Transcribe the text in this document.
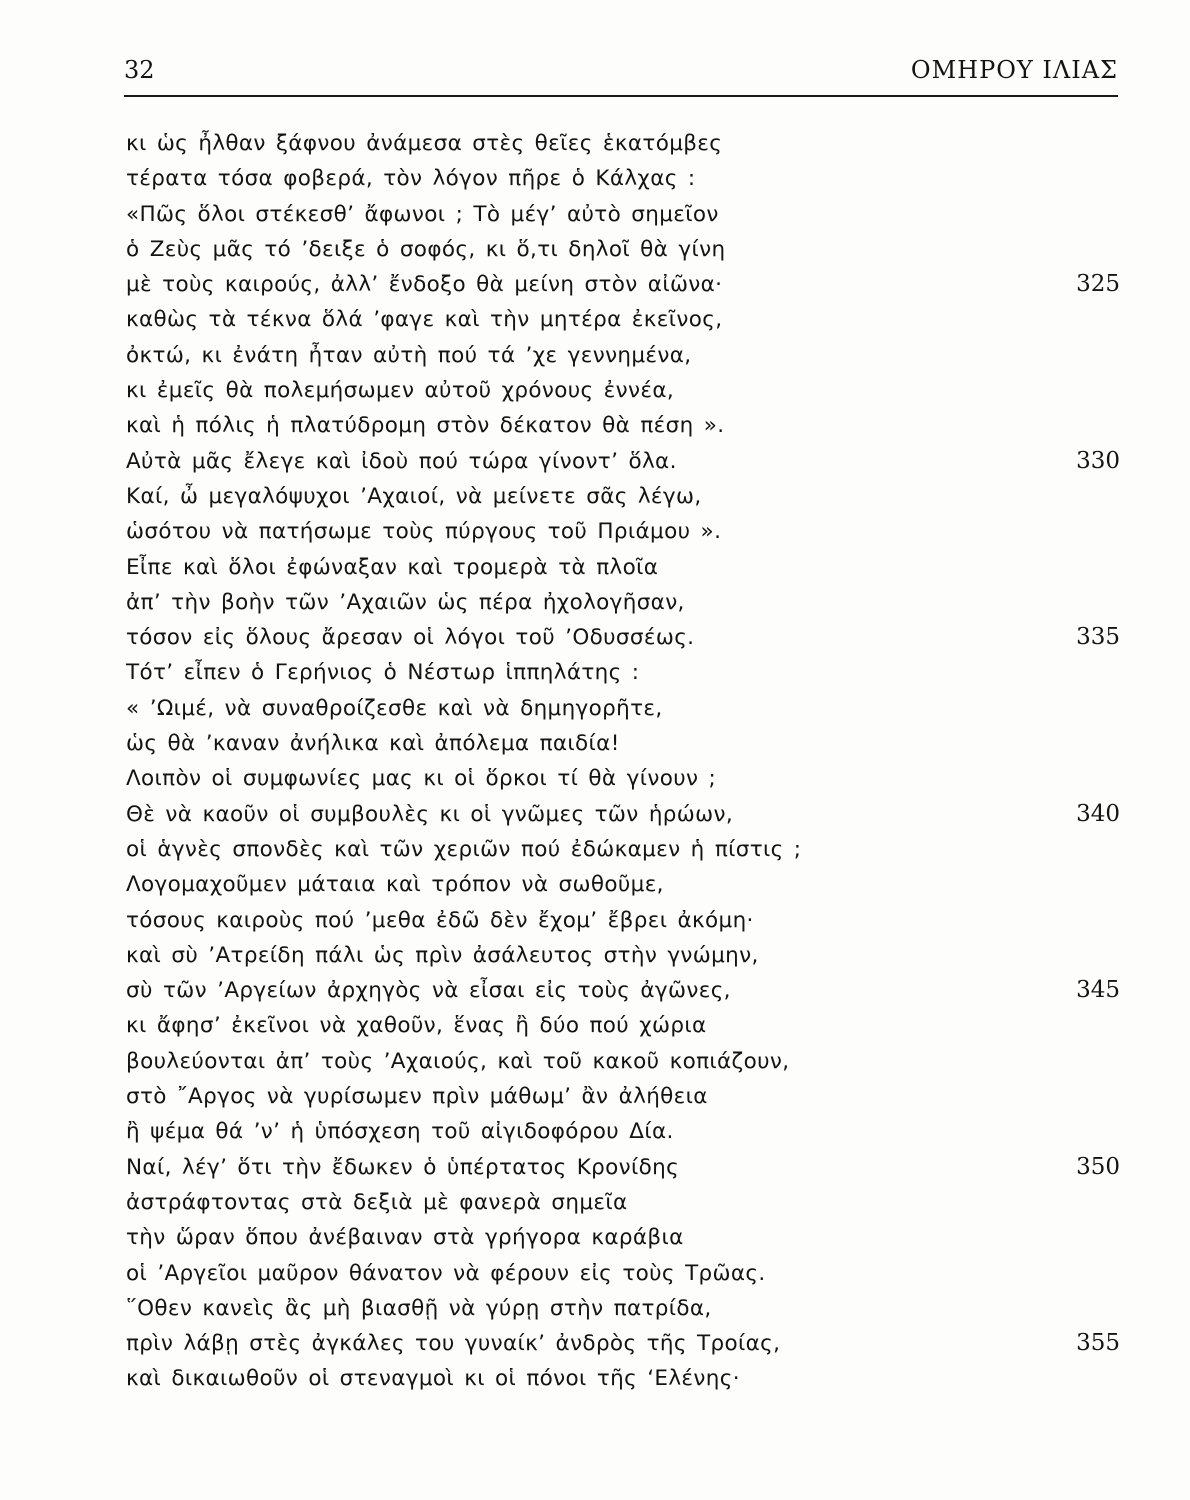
32	ΟΜΗΡΟΥ ΙΛΙΑΣ
κι ὡς ἦλθαν ξάφνου ἀνάμεσα στὲς θεῖες ἑκατόμβες
τέρατα τόσα φοβερά, τὸν λόγον πῆρε ὁ Κάλχας :
«Πῶς ὅλοι στέκεσθ’ ἄφωνοι ; Τὸ μέγ’ αὐτὸ σημεῖον
ὁ Ζεὺς μᾶς τό ’δειξε ὁ σοφός, κι ὅ,τι δηλοῖ θὰ γίνη
μὲ τοὺς καιρούς, ἀλλ’ ἔνδοξο θὰ μείνη στὸν αἰῶνα·	325
καθὼς τὰ τέκνα ὅλά ’φαγε καὶ τὴν μητέρα ἐκεῖνος,
ὀκτώ, κι ἐνάτη ἦταν αὐτὴ πού τά ’χε γεννημένα,
κι ἐμεῖς θὰ πολεμήσωμεν αὐτοῦ χρόνους ἐννέα,
καὶ ἡ πόλις ἡ πλατύδρομη στὸν δέκατον θὰ πέση ».
Αὐτὰ μᾶς ἔλεγε καὶ ἰδοὺ πού τώρα γίνοντ’ ὅλα.	330
Καί, ὦ μεγαλόψυχοι ’Αχαιοί, νὰ μείνετε σᾶς λέγω,
ὡσότου νὰ πατήσωμε τοὺς πύργους τοῦ Πριάμου ».
Εἶπε καὶ ὅλοι ἐφώναξαν καὶ τρομερὰ τὰ πλοῖα
ἀπ’ τὴν βοὴν τῶν ’Αχαιῶν ὡς πέρα ἠχολογῆσαν,
τόσον εἰς ὅλους ἄρεσαν οἱ λόγοι τοῦ ’Οδυσσέως.	335
Τότ’ εἶπεν ὁ Γερήνιος ὁ Νέστωρ ἱππηλάτης :
« ’Ωιμέ, νὰ συναθροίζεσθε καὶ νὰ δημηγορῆτε,
ὡς θὰ ’καναν ἀνήλικα καὶ ἀπόλεμα παιδία!
Λοιπὸν οἱ συμφωνίες μας κι οἱ ὅρκοι τί θὰ γίνουν ;
Θὲ νὰ καοῦν οἱ συμβουλὲς κι οἱ γνῶμες τῶν ἡρώων,	340
οἱ ἁγνὲς σπονδὲς καὶ τῶν χεριῶν πού ἐδώκαμεν ἡ πίστις ;
Λογομαχοῦμεν μάταια καὶ τρόπον νὰ σωθοῦμε,
τόσους καιροὺς πού ’μεθα ἐδῶ δὲν ἔχομ’ ἔβρει ἀκόμη·
καὶ σὺ ’Ατρείδη πάλι ὡς πρὶν ἀσάλευτος στὴν γνώμην,
σὺ τῶν ’Αργείων ἀρχηγὸς νὰ εἶσαι εἰς τοὺς ἀγῶνες,	345
κι ἄφησ’ ἐκεῖνοι νὰ χαθοῦν, ἕνας ἢ δύο πού χώρια
βουλεύονται ἀπ’ τοὺς ’Αχαιούς, καὶ τοῦ κακοῦ κοπιάζουν,
στὸ ῎Αργος νὰ γυρίσωμεν πρὶν μάθωμ’ ἂν ἀλήθεια
ἢ ψέμα θά ’ν’ ἡ ὑπόσχεση τοῦ αἰγιδοφόρου Δία.
Ναί, λέγ’ ὅτι τὴν ἔδωκεν ὁ ὑπέρτατος Κρονίδης	350
ἀστράφτοντας στὰ δεξιὰ μὲ φανερὰ σημεῖα
τὴν ὥραν ὅπου ἀνέβαιναν στὰ γρήγορα καράβια
οἱ ’Αργεῖοι μαῦρον θάνατον νὰ φέρουν εἰς τοὺς Τρῶας.
῞Οθεν κανεὶς ἂς μὴ βιασθῇ νὰ γύρῃ στὴν πατρίδα,
πρὶν λάβῃ στὲς ἀγκάλες του γυναίκ’ ἀνδρὸς τῆς Τροίας,	355
καὶ δικαιωθοῦν οἱ στεναγμοὶ κι οἱ πόνοι τῆς ‘Ελένης·
